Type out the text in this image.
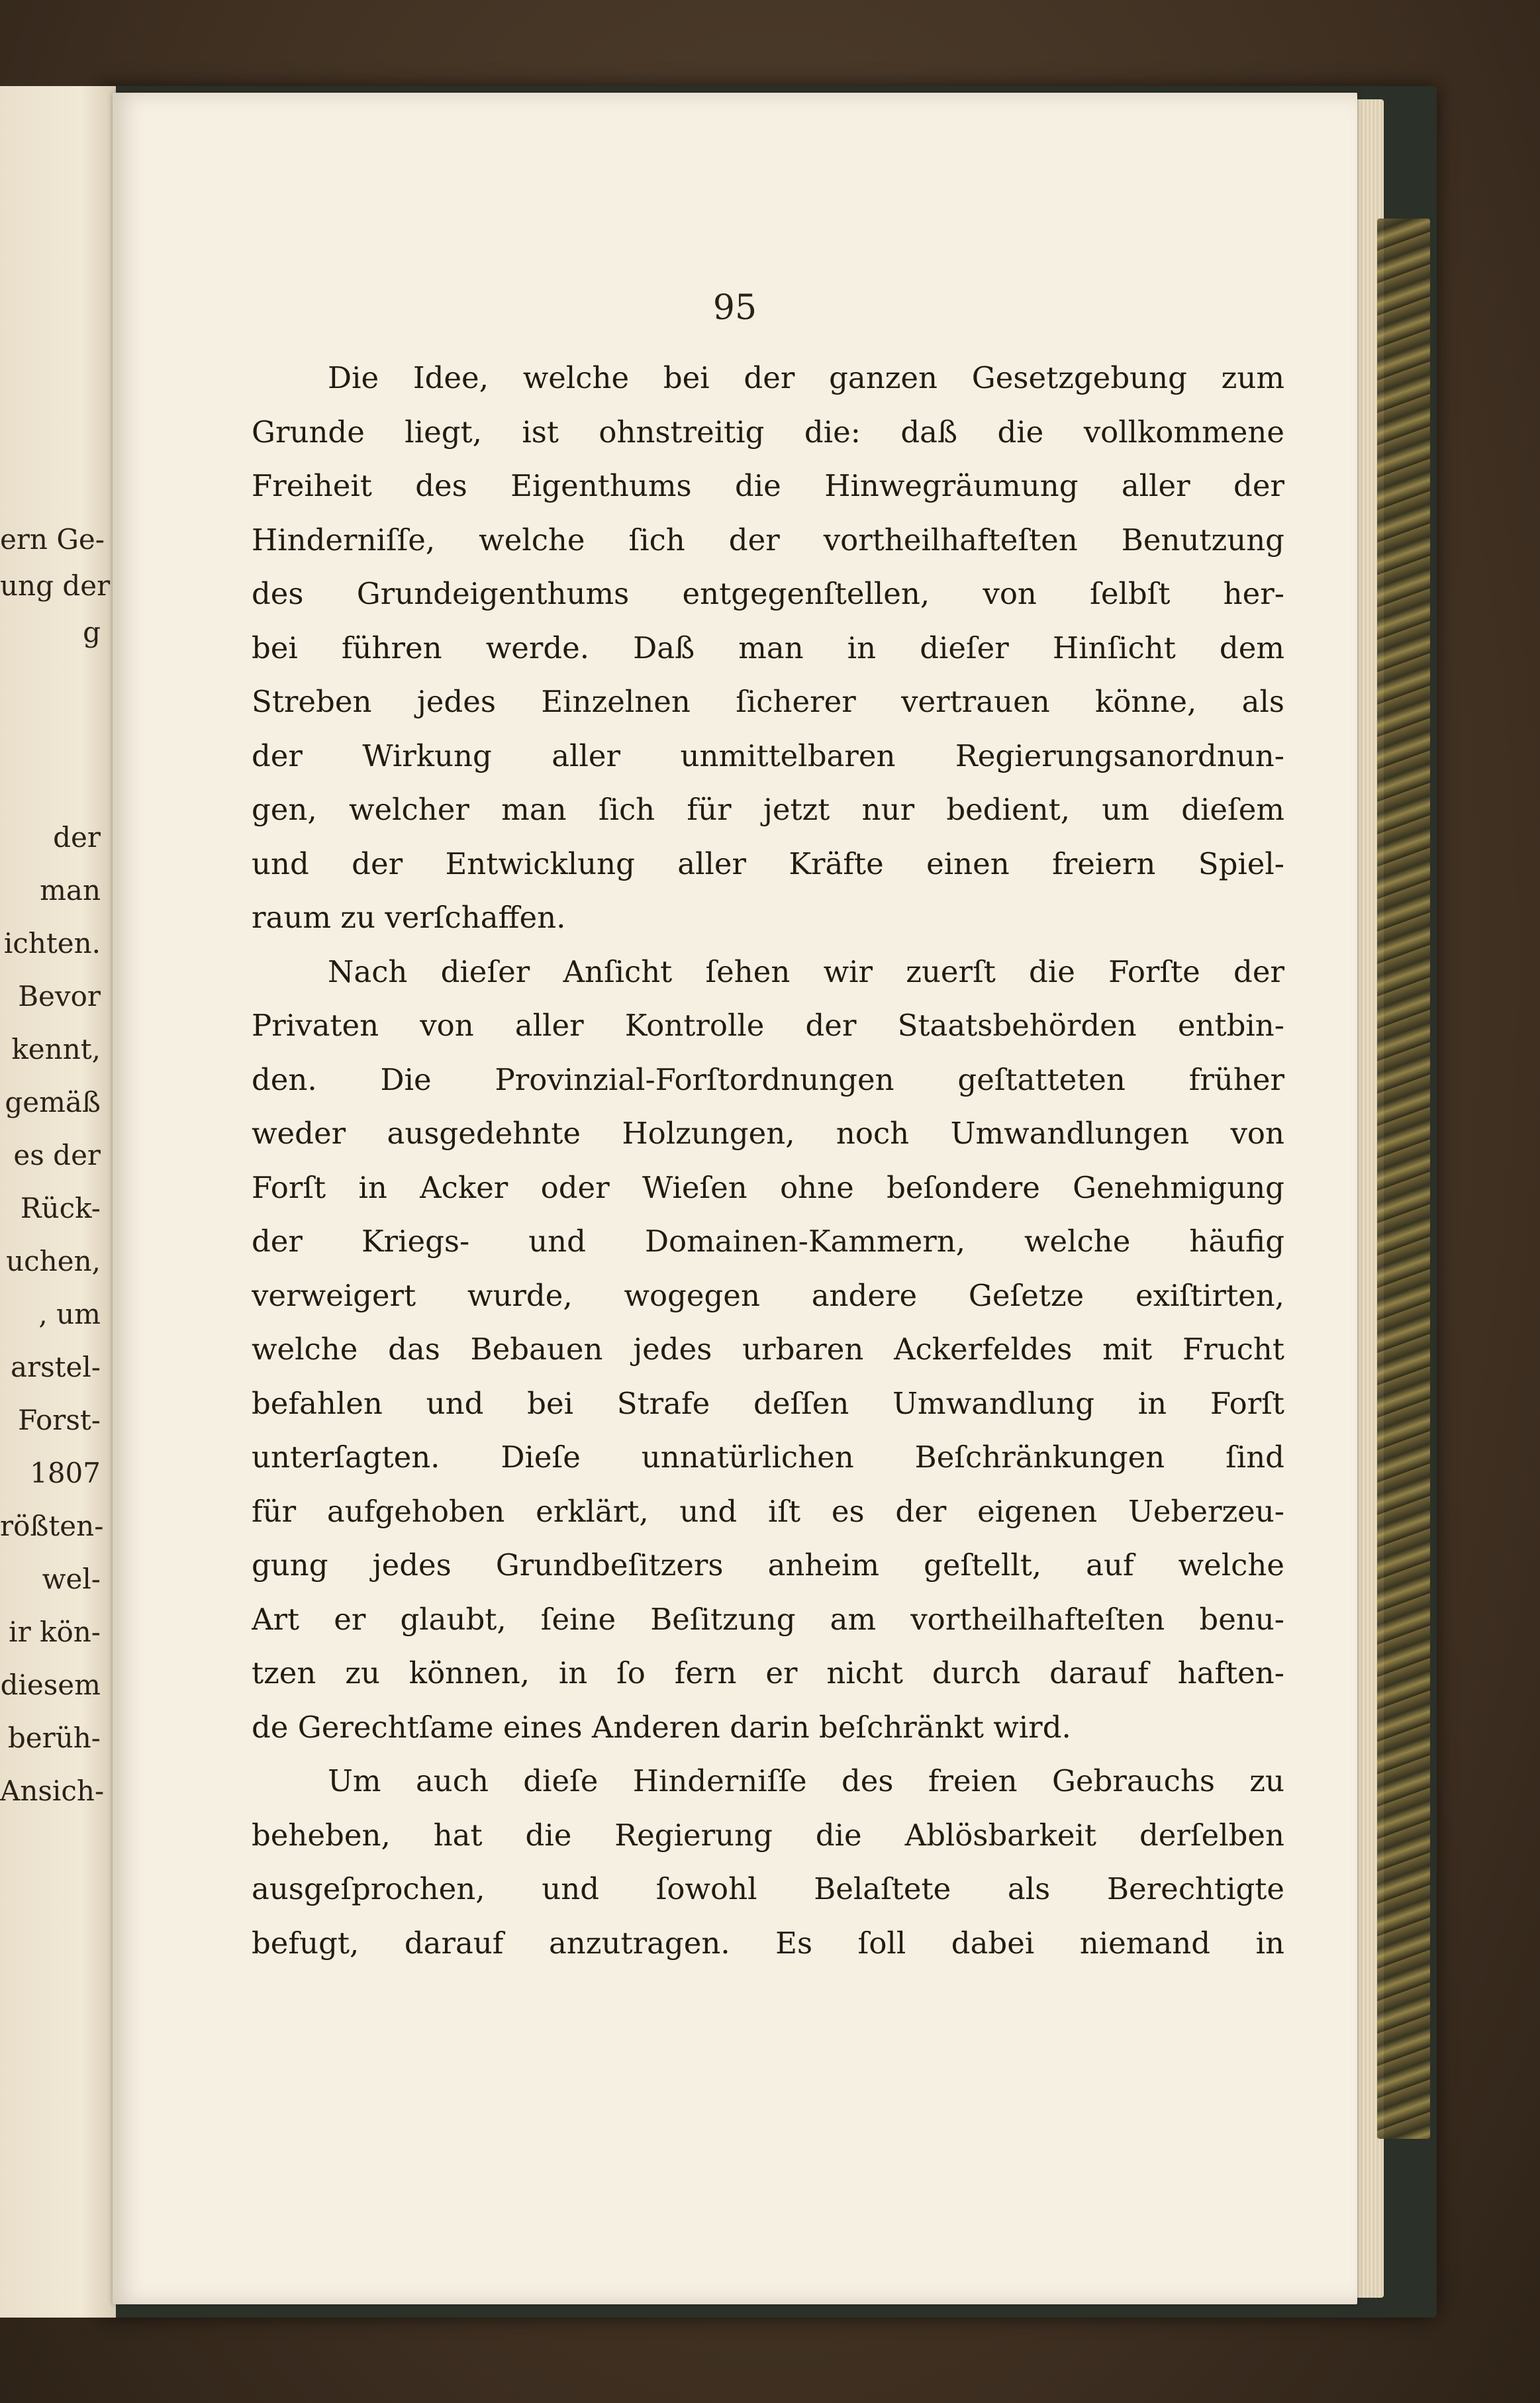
ern Ge-
ung der
g
der
man
ichten.
Bevor
kennt,
gemäß
es der
Rück-
uchen,
, um
arstel-
Forst-
1807
rößten-
wel-
ir kön-
diesem
berüh-
Ansich-
95
Die Idee, welche bei der ganzen Gesetzgebung zum
Grunde liegt, ist ohnstreitig die: daß die vollkommene
Freiheit des Eigenthums die Hinwegräumung aller der
Hinderniſſe, welche ſich der vortheilhafteſten Benutzung
des Grundeigenthums entgegenſtellen, von ſelbſt her-
bei führen werde. Daß man in dieſer Hinſicht dem
Streben jedes Einzelnen ſicherer vertrauen könne, als
der Wirkung aller unmittelbaren Regierungsanordnun-
gen, welcher man ſich für jetzt nur bedient, um dieſem
und der Entwicklung aller Kräfte einen freiern Spiel-
raum zu verſchaffen.
Nach dieſer Anſicht ſehen wir zuerſt die Forſte der
Privaten von aller Kontrolle der Staatsbehörden entbin-
den. Die Provinzial-Forſtordnungen geſtatteten früher
weder ausgedehnte Holzungen, noch Umwandlungen von
Forſt in Acker oder Wieſen ohne beſondere Genehmigung
der Kriegs- und Domainen-Kammern, welche häufig
verweigert wurde, wogegen andere Geſetze exiſtirten,
welche das Bebauen jedes urbaren Ackerfeldes mit Frucht
befahlen und bei Strafe deſſen Umwandlung in Forſt
unterſagten. Dieſe unnatürlichen Beſchränkungen ſind
für aufgehoben erklärt, und iſt es der eigenen Ueberzeu-
gung jedes Grundbeſitzers anheim geſtellt, auf welche
Art er glaubt, ſeine Beſitzung am vortheilhafteſten benu-
tzen zu können, in ſo fern er nicht durch darauf haften-
de Gerechtſame eines Anderen darin beſchränkt wird.
Um auch dieſe Hinderniſſe des freien Gebrauchs zu
beheben, hat die Regierung die Ablösbarkeit derſelben
ausgeſprochen, und ſowohl Belaſtete als Berechtigte
befugt, darauf anzutragen. Es ſoll dabei niemand in
